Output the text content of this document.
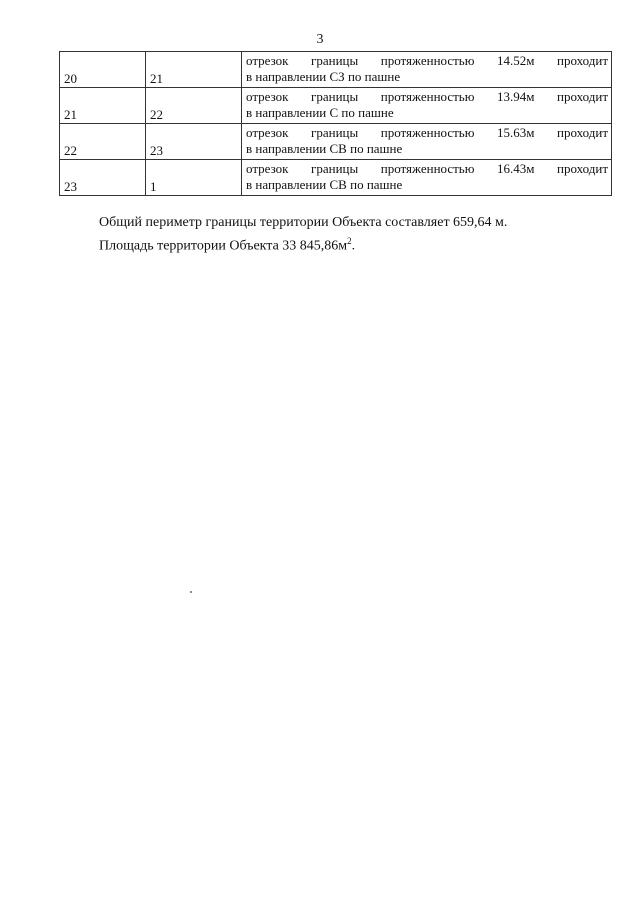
3
20	21	отрезок границы протяженностью 14.52м проходит
в направлении СЗ по пашне

21	22	отрезок границы протяженностью 13.94м проходит
в направлении С по пашне

22	23	отрезок границы протяженностью 15.63м проходит
в направлении СВ по пашне

23	1	отрезок границы протяженностью 16.43м проходит
в направлении СВ по пашне

Общий периметр границы территории Объекта составляет 659,64 м.

Площадь территории Объекта 33 $845,86м^2$.
